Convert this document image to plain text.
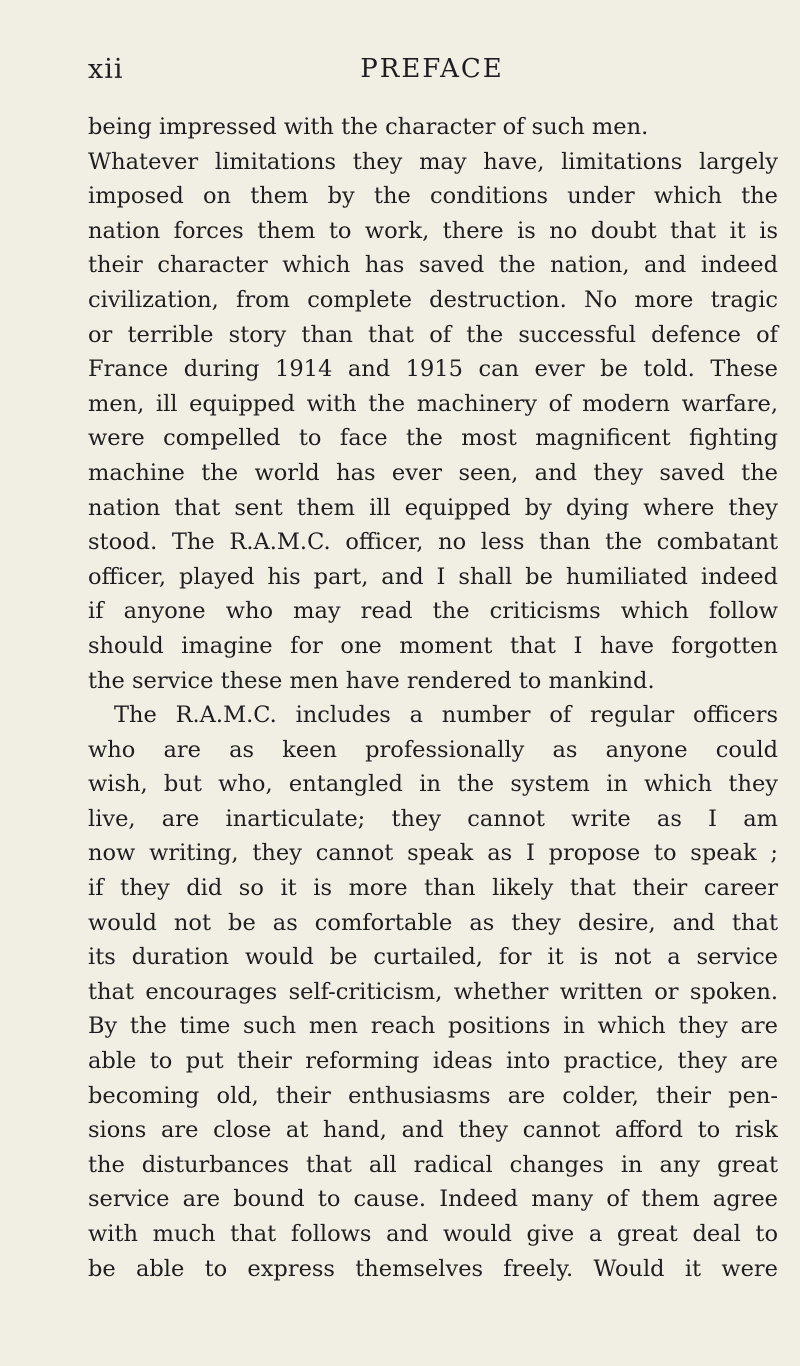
xii	PREFACE
being impressed with the character of such men.
Whatever limitations they may have, limitations largely
imposed on them by the conditions under which the
nation forces them to work, there is no doubt that it is
their character which has saved the nation, and indeed
civilization, from complete destruction. No more tragic
or terrible story than that of the successful defence of
France during 1914 and 1915 can ever be told. These
men, ill equipped with the machinery of modern warfare,
were compelled to face the most magnificent fighting
machine the world has ever seen, and they saved the
nation that sent them ill equipped by dying where they
stood. The R.A.M.C. officer, no less than the combatant
officer, played his part, and I shall be humiliated indeed
if anyone who may read the criticisms which follow
should imagine for one moment that I have forgotten
the service these men have rendered to mankind.
The R.A.M.C. includes a number of regular officers
who are as keen professionally as anyone could
wish, but who, entangled in the system in which they
live, are inarticulate; they cannot write as I am
now writing, they cannot speak as I propose to speak ;
if they did so it is more than likely that their career
would not be as comfortable as they desire, and that
its duration would be curtailed, for it is not a service
that encourages self-criticism, whether written or spoken.
By the time such men reach positions in which they are
able to put their reforming ideas into practice, they are
becoming old, their enthusiasms are colder, their pen-
sions are close at hand, and they cannot afford to risk
the disturbances that all radical changes in any great
service are bound to cause. Indeed many of them agree
with much that follows and would give a great deal to
be able to express themselves freely. Would it were
